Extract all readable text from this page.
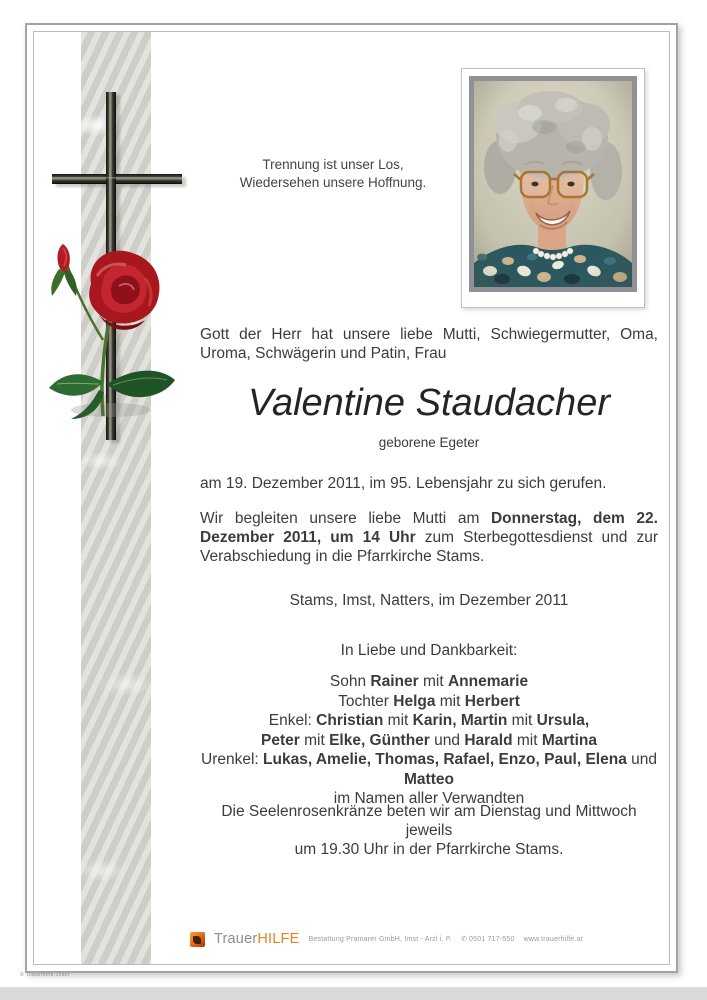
Trennung ist unser Los,
Wiedersehen unsere Hoffnung.
Gott der Herr hat unsere liebe Mutti, Schwiegermutter, Oma, Uroma, Schwägerin und Patin, Frau
Valentine Staudacher
geborene Egeter
am 19. Dezember 2011, im 95. Lebensjahr zu sich gerufen.
Wir begleiten unsere liebe Mutti am Donnerstag, dem 22. Dezember 2011, um 14 Uhr zum Sterbegottesdienst und zur Verabschiedung in die Pfarrkirche Stams.
Stams, Imst, Natters, im Dezember 2011
In Liebe und Dankbarkeit:
Sohn Rainer mit Annemarie
Tochter Helga mit Herbert
Enkel: Christian mit Karin, Martin mit Ursula,
Peter mit Elke, Günther und Harald mit Martina
Urenkel: Lukas, Amelie, Thomas, Rafael, Enzo, Paul, Elena und Matteo
im Namen aller Verwandten
Die Seelenrosenkränze beten wir am Dienstag und Mittwoch jeweils
um 19.30 Uhr in der Pfarrkirche Stams.
TrauerHILFE Bestattung Pramarer GmbH, Imst - Arzl i. P. ✆ 0501 717-550 www.trauerhilfe.at
© Trauerhilfe Josef
